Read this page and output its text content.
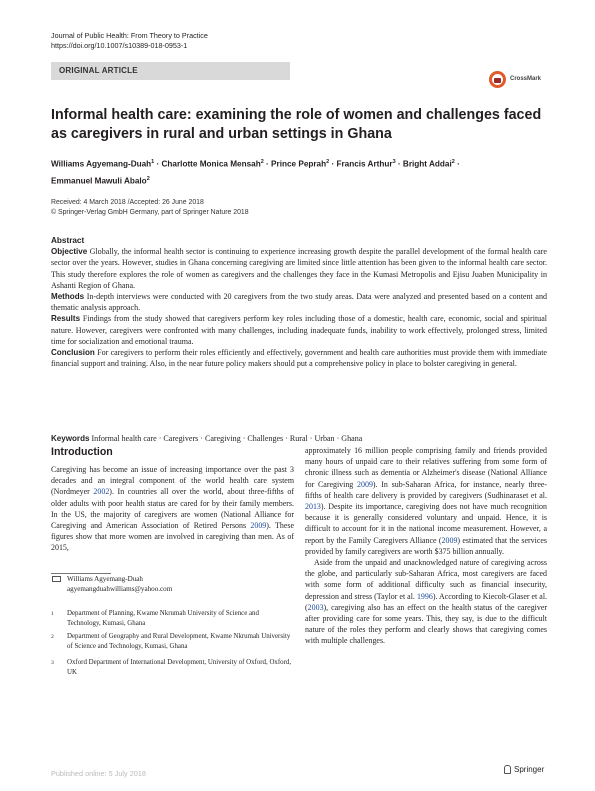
Journal of Public Health: From Theory to Practice
https://doi.org/10.1007/s10389-018-0953-1
ORIGINAL ARTICLE
CrossMark
Informal health care: examining the role of women and challenges faced as caregivers in rural and urban settings in Ghana
Williams Agyemang-Duah$^1$ · Charlotte Monica Mensah$^2$ · Prince Peprah$^2$ · Francis Arthur$^3$ · Bright Addai$^2$ ·
Emmanuel Mawuli Abalo$^2$
Received: 4 March 2018 /Accepted: 26 June 2018
© Springer-Verlag GmbH Germany, part of Springer Nature 2018
Abstract

Objective Globally, the informal health sector is continuing to experience increasing growth despite the parallel development of the formal health care sector over the years. However, studies in Ghana concerning caregiving are limited since little attention has been given to the informal health care sector. This study therefore explores the role of women as caregivers and the challenges they face in the Kumasi Metropolis and Ejisu Juaben Municipality in Ashanti Region of Ghana.

Methods In-depth interviews were conducted with 20 caregivers from the two study areas. Data were analyzed and presented based on a content and thematic analysis approach.

Results Findings from the study showed that caregivers perform key roles including those of a domestic, health care, economic, social and spiritual nature. However, caregivers were confronted with many challenges, including inadequate funds, inability to work effectively, prolonged stress, limited time for socialization and emotional trauma.

Conclusion For caregivers to perform their roles efficiently and effectively, government and health care authorities must provide them with immediate financial support and training. Also, in the near future policy makers should put a comprehensive policy in place to bolster caregiving in general.

Keywords Informal health care · Caregivers · Caregiving · Challenges · Rural · Urban · Ghana
Introduction

Caregiving has become an issue of increasing importance over the past 3 decades and an integral component of the world health care system (Nordmeyer 2002). In countries all over the world, about three-fifths of older adults with poor health status are cared for by their family members. In the US, the majority of caregivers are women (National Alliance for Caregiving and American Association of Retired Persons 2009). These figures show that more women are involved in caregiving than men. As of 2015,

approximately 16 million people comprising family and friends provided many hours of unpaid care to their relatives suffering from some form of chronic illness such as dementia or Alzheimer's disease (National Alliance for Caregiving 2009). In sub-Saharan Africa, for instance, nearly three-fifths of health care delivery is provided by caregivers (Sudhinaraset et al. 2013). Despite its importance, caregiving does not have much recognition because it is generally considered voluntary and unpaid. Hence, it is difficult to account for it in the national income measurement. However, a report by the Family Caregivers Alliance (2009) estimated that the services provided by family caregivers are worth $375 billion annually.

Aside from the unpaid and unacknowledged nature of caregiving across the globe, and particularly sub-Saharan Africa, most caregivers are faced with some form of additional difficulty such as financial insecurity, depression and stress (Taylor et al. 1996). According to Kiecolt-Glaser et al. (2003), caregiving also has an effect on the health status of the caregiver after providing care for some years. This, they say, is due to the difficult nature of the roles they perform and clearly shows that caregiving comes with multiple challenges.

Williams Agyemang-Duah
agyemangduahwilliams@yahoo.com
1 Department of Planning, Kwame Nkrumah University of Science and Technology, Kumasi, Ghana
2 Department of Geography and Rural Development, Kwame Nkrumah University of Science and Technology, Kumasi, Ghana
3 Oxford Department of International Development, University of Oxford, Oxford, UK
Published online: 5 July 2018	Springer
